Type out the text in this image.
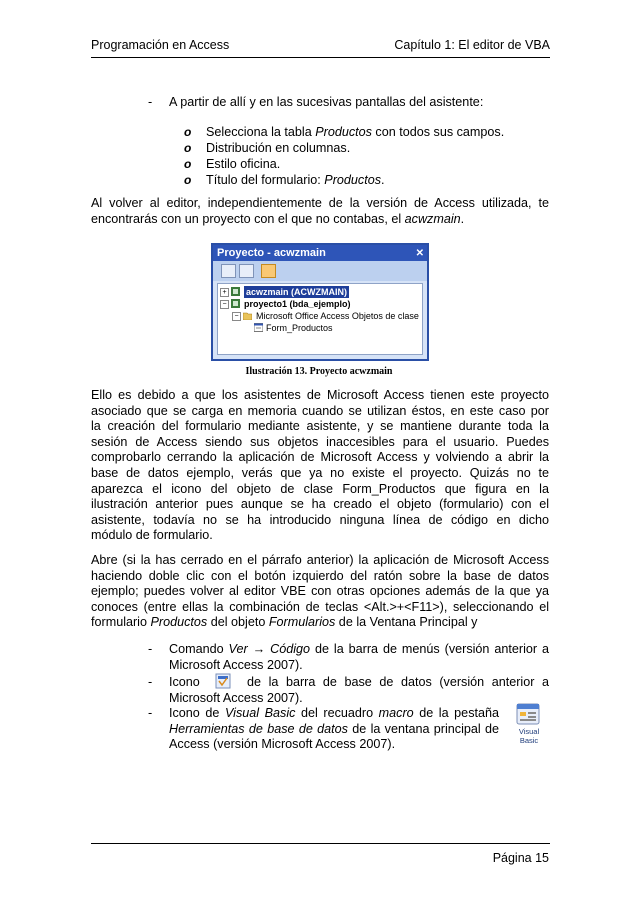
Programación en Access	Capítulo 1: El editor de VBA
- A partir de allí y en las sucesivas pantallas del asistente:
o Selecciona la tabla Productos con todos sus campos.
o Distribución en columnas.
o Estilo oficina.
o Título del formulario: Productos.
Al volver al editor, independientemente de la versión de Access utilizada, te
encontrarás con un proyecto con el que no contabas, el acwzmain.
Proyecto - acwzmain	✕
+ acwzmain (ACWZMAIN)
− proyecto1 (bda_ejemplo)
− Microsoft Office Access Objetos de clase
Form_Productos
Ilustración 13. Proyecto acwzmain
Ello es debido a que los asistentes de Microsoft Access tienen este proyecto
asociado que se carga en memoria cuando se utilizan éstos, en este caso por
la creación del formulario mediante asistente, y se mantiene durante toda la
sesión de Access siendo sus objetos inaccesibles para el usuario. Puedes
comprobarlo cerrando la aplicación de Microsoft Access y volviendo a abrir la
base de datos ejemplo, verás que ya no existe el proyecto. Quizás no te
aparezca el icono del objeto de clase Form_Productos que figura en la
ilustración anterior pues aunque se ha creado el objeto (formulario) con el
asistente, todavía no se ha introducido ninguna línea de código en dicho
módulo de formulario.
Abre (si la has cerrado en el párrafo anterior) la aplicación de Microsoft Access
haciendo doble clic con el botón izquierdo del ratón sobre la base de datos
ejemplo; puedes volver al editor VBE con otras opciones además de la que ya
conoces (entre ellas la combinación de teclas <Alt.>+<F11>), seleccionando el
formulario Productos del objeto Formularios de la Ventana Principal y
- Comando Ver → Código de la barra de menús (versión anterior a
Microsoft Access 2007).
- Icono	de la barra de base de datos (versión anterior a
Microsoft Access 2007).
- Icono de Visual Basic del recuadro macro de la pestaña
Herramientas de base de datos de la ventana principal de
Access (versión Microsoft Access 2007).
Visual
Basic
Página 15
